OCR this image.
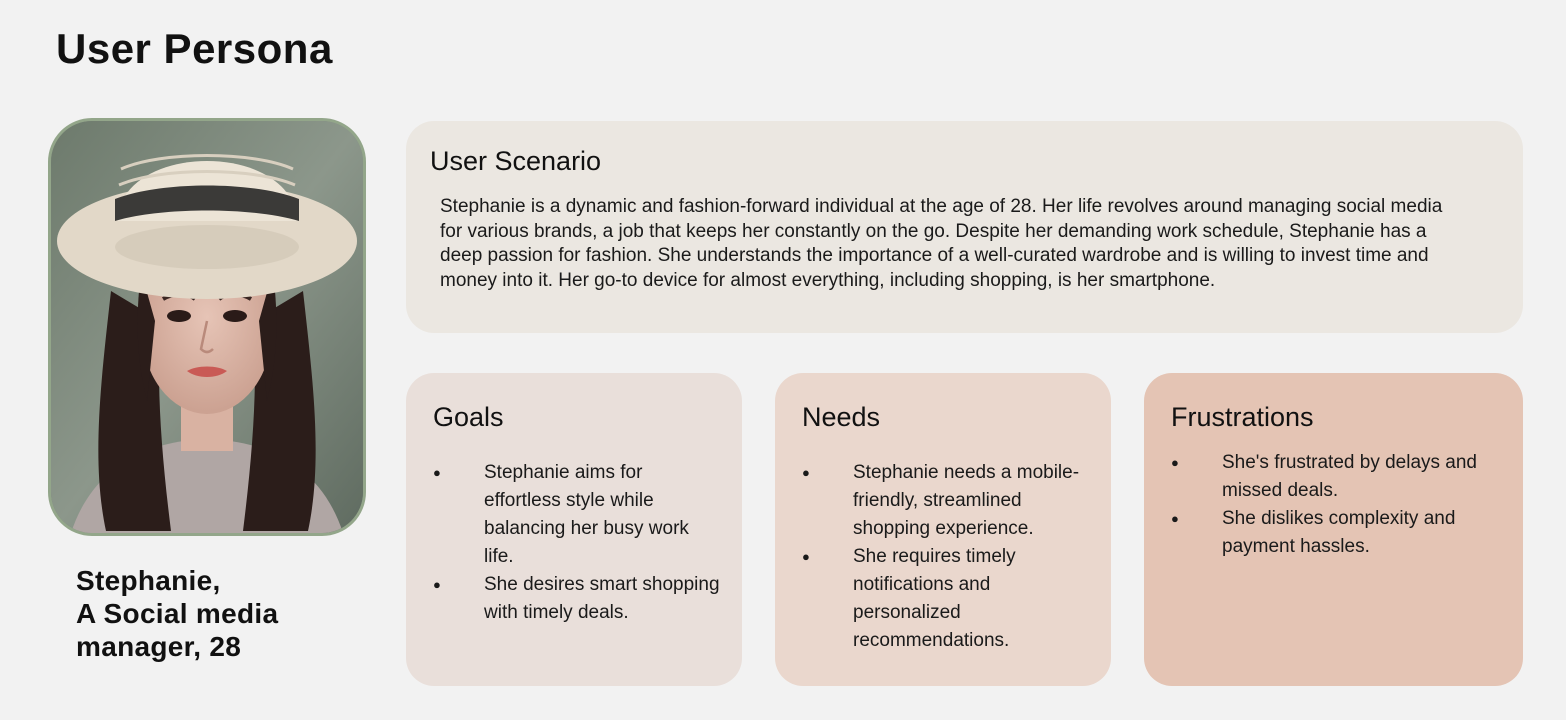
User Persona
Stephanie,
A Social media
manager, 28
User Scenario

Stephanie is a dynamic and fashion-forward individual at the age of 28. Her life revolves around managing social media for various brands, a job that keeps her constantly on the go. Despite her demanding work schedule, Stephanie has a deep passion for fashion. She understands the importance of a well-curated wardrobe and is willing to invest time and money into it. Her go-to device for almost everything, including shopping, is her smartphone.

Goals
● Stephanie aims for effortless style while balancing her busy work life.
● She desires smart shopping with timely deals.
Needs
● Stephanie needs a mobile-friendly, streamlined shopping experience.
● She requires timely notifications and personalized recommendations.
Frustrations
● She's frustrated by delays and missed deals.
● She dislikes complexity and payment hassles.
